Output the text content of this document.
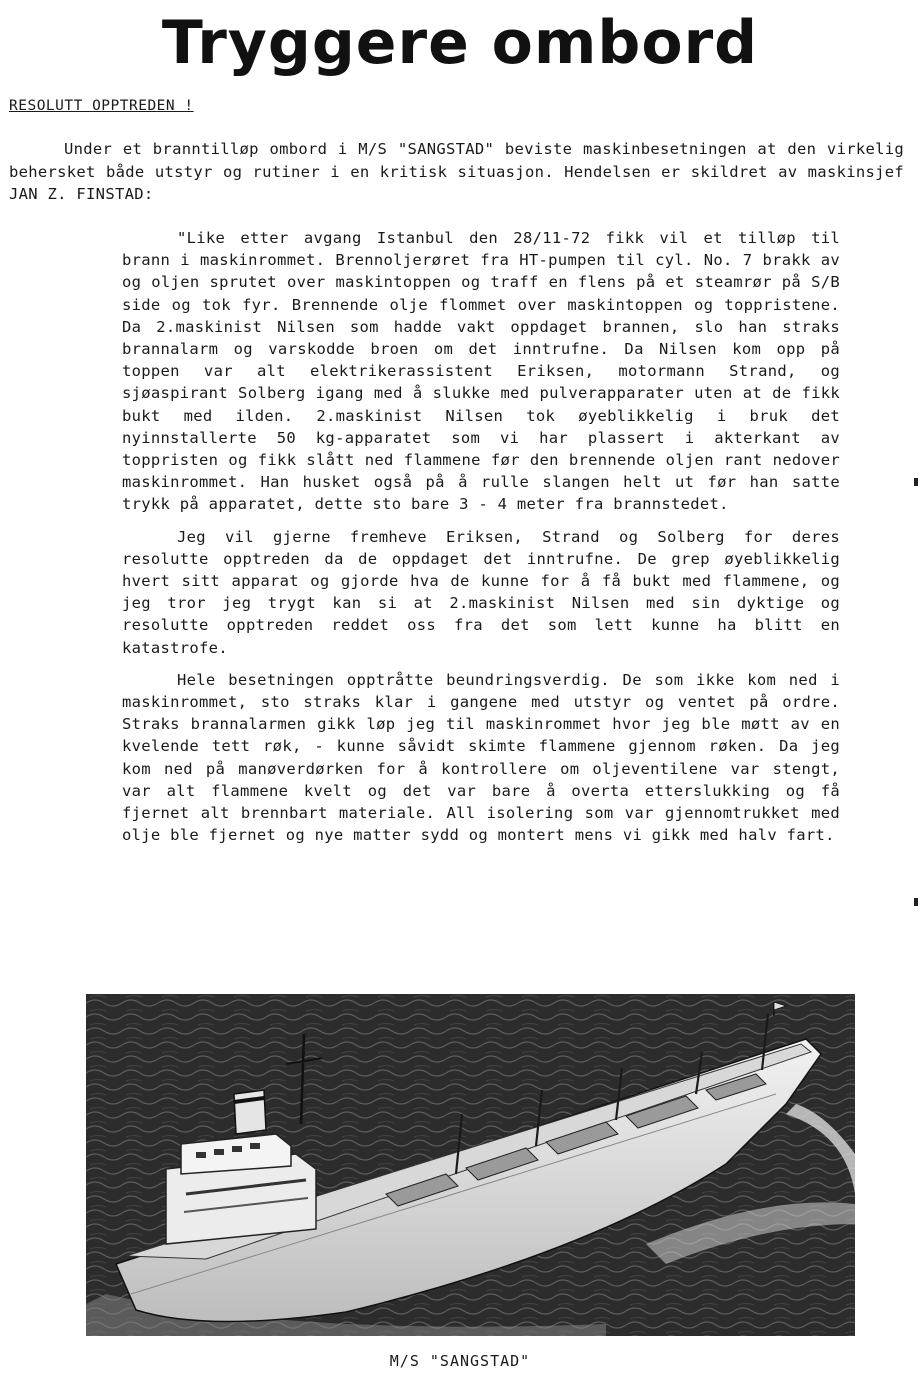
Tryggere ombord
RESOLUTT OPPTREDEN !

Under et branntilløp ombord i M/S "SANGSTAD" beviste maskinbesetningen at den virkelig behersket både utstyr og rutiner i en kritisk situasjon. Hendelsen er skildret av maskinsjef JAN Z. FINSTAD:

"Like etter avgang Istanbul den 28/11-72 fikk vil et tilløp til brann i maskinrommet. Brennoljerøret fra HT-pumpen til cyl. No. 7 brakk av og oljen sprutet over maskintoppen og traff en flens på et steamrør på S/B side og tok fyr. Brennende olje flommet over maskintoppen og toppristene. Da 2.maskinist Nilsen som hadde vakt oppdaget brannen, slo han straks brannalarm og varskodde broen om det inntrufne. Da Nilsen kom opp på toppen var alt elektrikerassistent Eriksen, motormann Strand, og sjøaspirant Solberg igang med å slukke med pulverapparater uten at de fikk bukt med ilden. 2.maskinist Nilsen tok øyeblikkelig i bruk det nyinnstallerte 50 kg-apparatet som vi har plassert i akterkant av toppristen og fikk slått ned flammene før den brennende oljen rant nedover maskinrommet. Han husket også på å rulle slangen helt ut før han satte trykk på apparatet, dette sto bare 3 - 4 meter fra brannstedet.

Jeg vil gjerne fremheve Eriksen, Strand og Solberg for deres resolutte opptreden da de oppdaget det inntrufne. De grep øyeblikkelig hvert sitt apparat og gjorde hva de kunne for å få bukt med flammene, og jeg tror jeg trygt kan si at 2.maskinist Nilsen med sin dyktige og resolutte opptreden reddet oss fra det som lett kunne ha blitt en katastrofe.

Hele besetningen opptråtte beundringsverdig. De som ikke kom ned i maskinrommet, sto straks klar i gangene med utstyr og ventet på ordre. Straks brannalarmen gikk løp jeg til maskinrommet hvor jeg ble møtt av en kvelende tett røk, - kunne såvidt skimte flammene gjennom røken. Da jeg kom ned på manøverdørken for å kontrollere om oljeventilene var stengt, var alt flammene kvelt og det var bare å overta etterslukking og få fjernet alt brennbart materiale. All isolering som var gjennomtrukket med olje ble fjernet og nye matter sydd og montert mens vi gikk med halv fart.

M/S "SANGSTAD"
